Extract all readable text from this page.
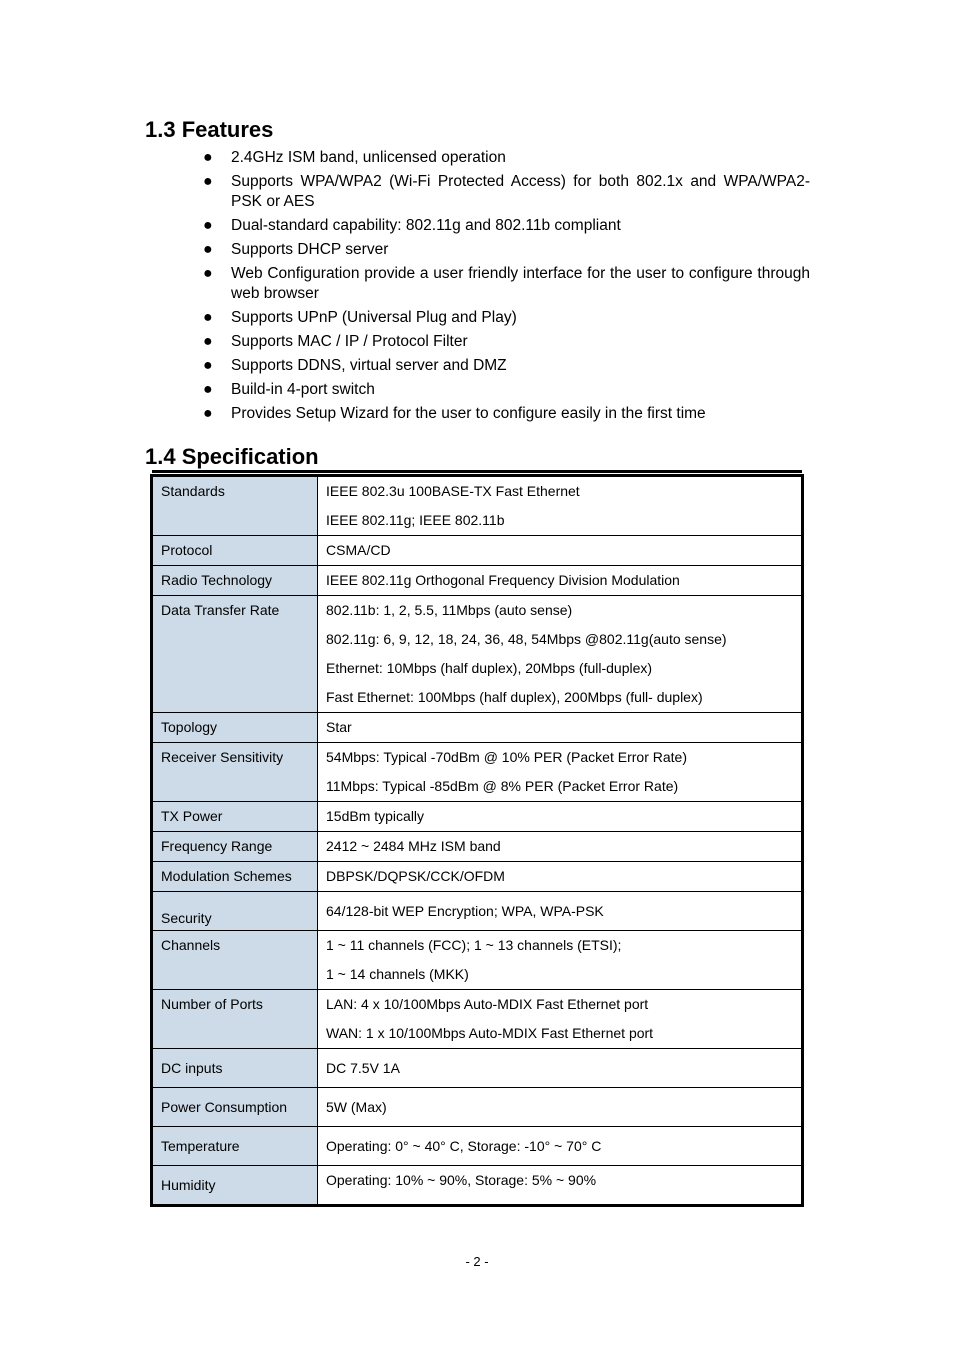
1.3 Features
● 2.4GHz ISM band, unlicensed operation
● Supports WPA/WPA2 (Wi-Fi Protected Access) for both 802.1x and WPA/WPA2-PSK or AES
● Dual-standard capability: 802.11g and 802.11b compliant
● Supports DHCP server
● Web Configuration provide a user friendly interface for the user to configure through web browser
● Supports UPnP (Universal Plug and Play)
● Supports MAC / IP / Protocol Filter
● Supports DDNS, virtual server and DMZ
● Build-in 4-port switch
● Provides Setup Wizard for the user to configure easily in the first time
1.4 Specification
Standards	IEEE 802.3u 100BASE-TX Fast Ethernet
IEEE 802.11g; IEEE 802.11b

Protocol	CSMA/CD

Radio Technology	IEEE 802.11g Orthogonal Frequency Division Modulation

Data Transfer Rate	802.11b: 1, 2, 5.5, 11Mbps (auto sense)
802.11g: 6, 9, 12, 18, 24, 36, 48, 54Mbps @802.11g(auto sense)
Ethernet: 10Mbps (half duplex), 20Mbps (full-duplex)
Fast Ethernet: 100Mbps (half duplex), 200Mbps (full- duplex)

Topology	Star

Receiver Sensitivity	54Mbps: Typical -70dBm @ 10% PER (Packet Error Rate)
11Mbps: Typical -85dBm @ 8% PER (Packet Error Rate)

TX Power	15dBm typically

Frequency Range	2412 ~ 2484 MHz ISM band

Modulation Schemes	DBPSK/DQPSK/CCK/OFDM

Security	64/128-bit WEP Encryption; WPA, WPA-PSK

Channels	1 ~ 11 channels (FCC); 1 ~ 13 channels (ETSI);
1 ~ 14 channels (MKK)

Number of Ports	LAN: 4 x 10/100Mbps Auto-MDIX Fast Ethernet port
WAN: 1 x 10/100Mbps Auto-MDIX Fast Ethernet port

DC inputs	DC 7.5V 1A

Power Consumption	5W (Max)

Temperature	Operating: 0° ~ 40° C, Storage: -10° ~ 70° C

Humidity	Operating: 10% ~ 90%, Storage: 5% ~ 90%
- 2 -
